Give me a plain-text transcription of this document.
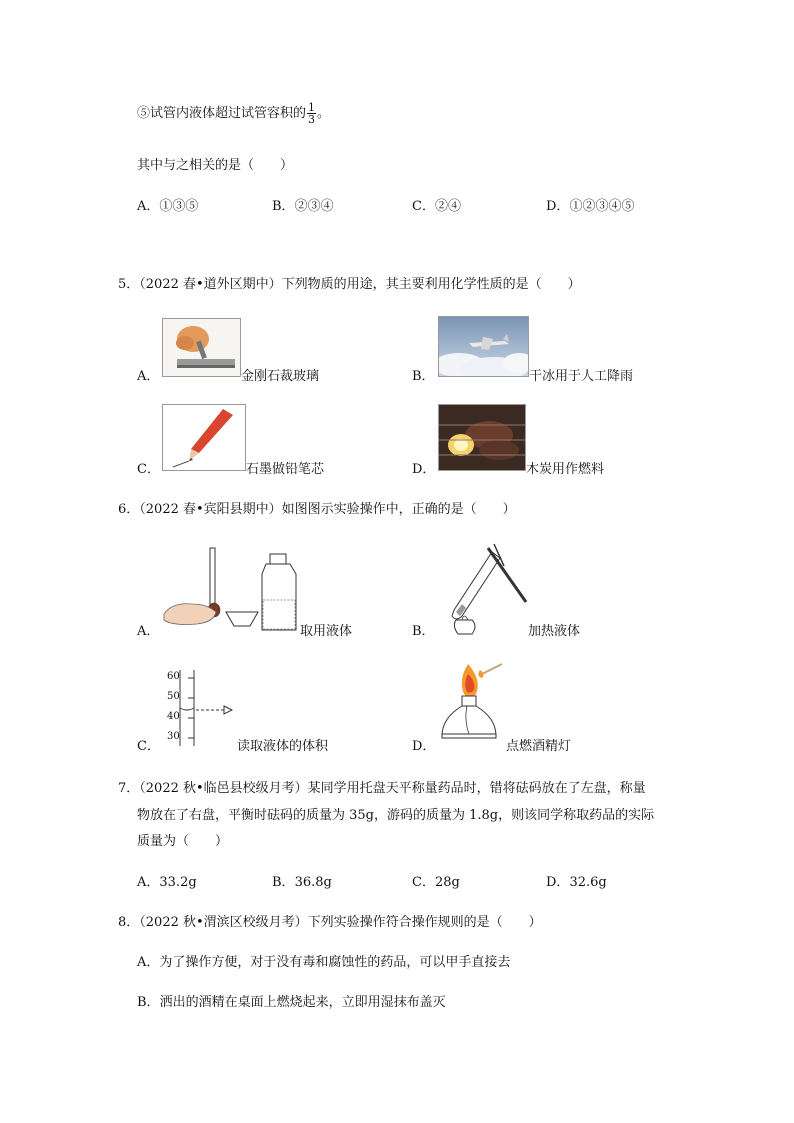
⑤试管内液体超过试管容积的 $\frac{1}{3}$ 。
其中与之相关的是（　　）
A．①③⑤	B．②③④	C．②④	D．①②③④⑤
5．（2022 春•道外区期中）下列物质的用途，其主要利用化学性质的是（　　）
A．	金刚石裁玻璃	B．	干冰用于人工降雨
C．	石墨做铅笔芯	D．	木炭用作燃料
6．（2022 春•宾阳县期中）如图图示实验操作中，正确的是（　　）
A．	取用液体	B．	加热液体
C．
60
50
40
30
读取液体的体积	D．	点燃酒精灯
7．（2022 秋•临邑县校级月考）某同学用托盘天平称量药品时，错将砝码放在了左盘，称量
物放在了右盘，平衡时砝码的质量为 35g，游码的质量为 1.8g，则该同学称取药品的实际
质量为（　　）
A．33.2g	B．36.8g	C．28g	D．32.6g
8．（2022 秋•渭滨区校级月考）下列实验操作符合操作规则的是（　　）
A．为了操作方便，对于没有毒和腐蚀性的药品，可以甲手直接去
B．洒出的酒精在桌面上燃烧起来，立即用湿抹布盖灭
